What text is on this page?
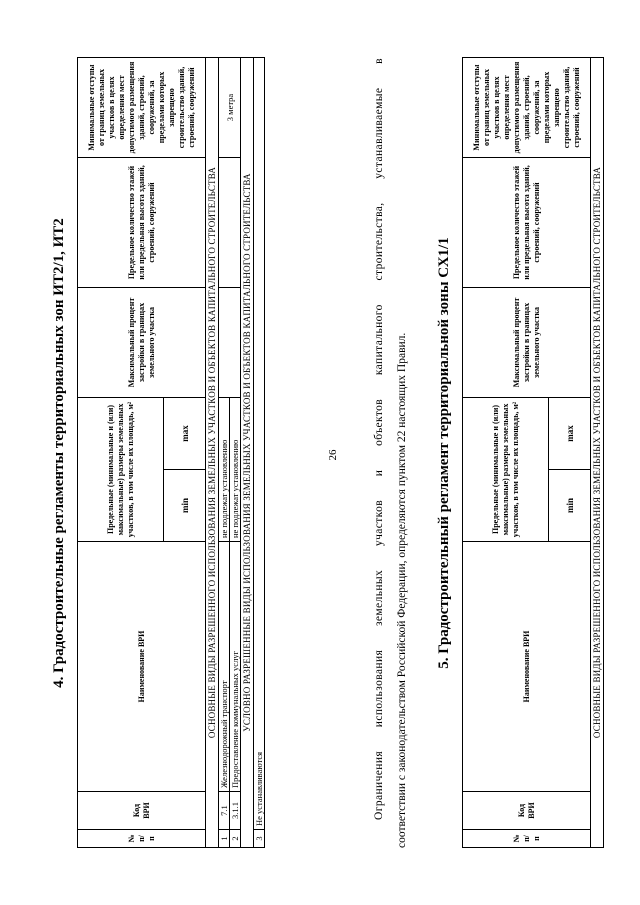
26
4. Градостроительные регламенты территориальных зон ИТ2/1, ИТ2
№ п/п	Код ВРИ	Наименование ВРИ	Предельные (минимальные и (или) максимальные) размеры земельных участков, в том числе их площадь, м²		Максимальный процент застройки в границах земельного участка	Предельное количество этажей или предельная высота зданий, строений, сооружений	Минимальные отступы от границ земельных участков в целях определения мест допустимого размещения зданий, строений, сооружений, за пределами которых запрещено строительство зданий, строений, сооружений
			min	max			
ОСНОВНЫЕ ВИДЫ РАЗРЕШЕННОГО ИСПОЛЬЗОВАНИЯ ЗЕМЕЛЬНЫХ УЧАСТКОВ И ОБЪЕКТОВ КАПИТАЛЬНОГО СТРОИТЕЛЬСТВА							
1	7.1	Железнодорожный транспорт	не подлежат установлению				3 метра
2	3.1.1	Предоставление коммунальных услуг	не подлежат установлению				
УСЛОВНО РАЗРЕШЕННЫЕ ВИДЫ ИСПОЛЬЗОВАНИЯ ЗЕМЕЛЬНЫХ УЧАСТКОВ И ОБЪЕКТОВ КАПИТАЛЬНОГО СТРОИТЕЛЬСТВА							
3	Не устанавливаются							Ограничения использования земельных участков и объектов капитального строительства, устанавливаемые в соответствии с законодательством Российской Федерации, определяются пунктом 22 настоящих Правил.	5. Градостроительный регламент территориальной зоны СХ1/1
№ п/п	Код ВРИ	Наименование ВРИ	Предельные (минимальные и (или) максимальные) размеры земельных участков, в том числе их площадь, м²		Максимальный процент застройки в границах земельного участка	Предельное количество этажей или предельная высота зданий, строений, сооружений	Минимальные отступы от границ земельных участков в целях определения мест допустимого размещения зданий, строений, сооружений, за пределами которых запрещено строительство зданий, строений, сооружений
			min	max			
ОСНОВНЫЕ ВИДЫ РАЗРЕШЕННОГО ИСПОЛЬЗОВАНИЯ ЗЕМЕЛЬНЫХ УЧАСТКОВ И ОБЪЕКТОВ КАПИТАЛЬНОГО СТРОИТЕЛЬСТВА							
